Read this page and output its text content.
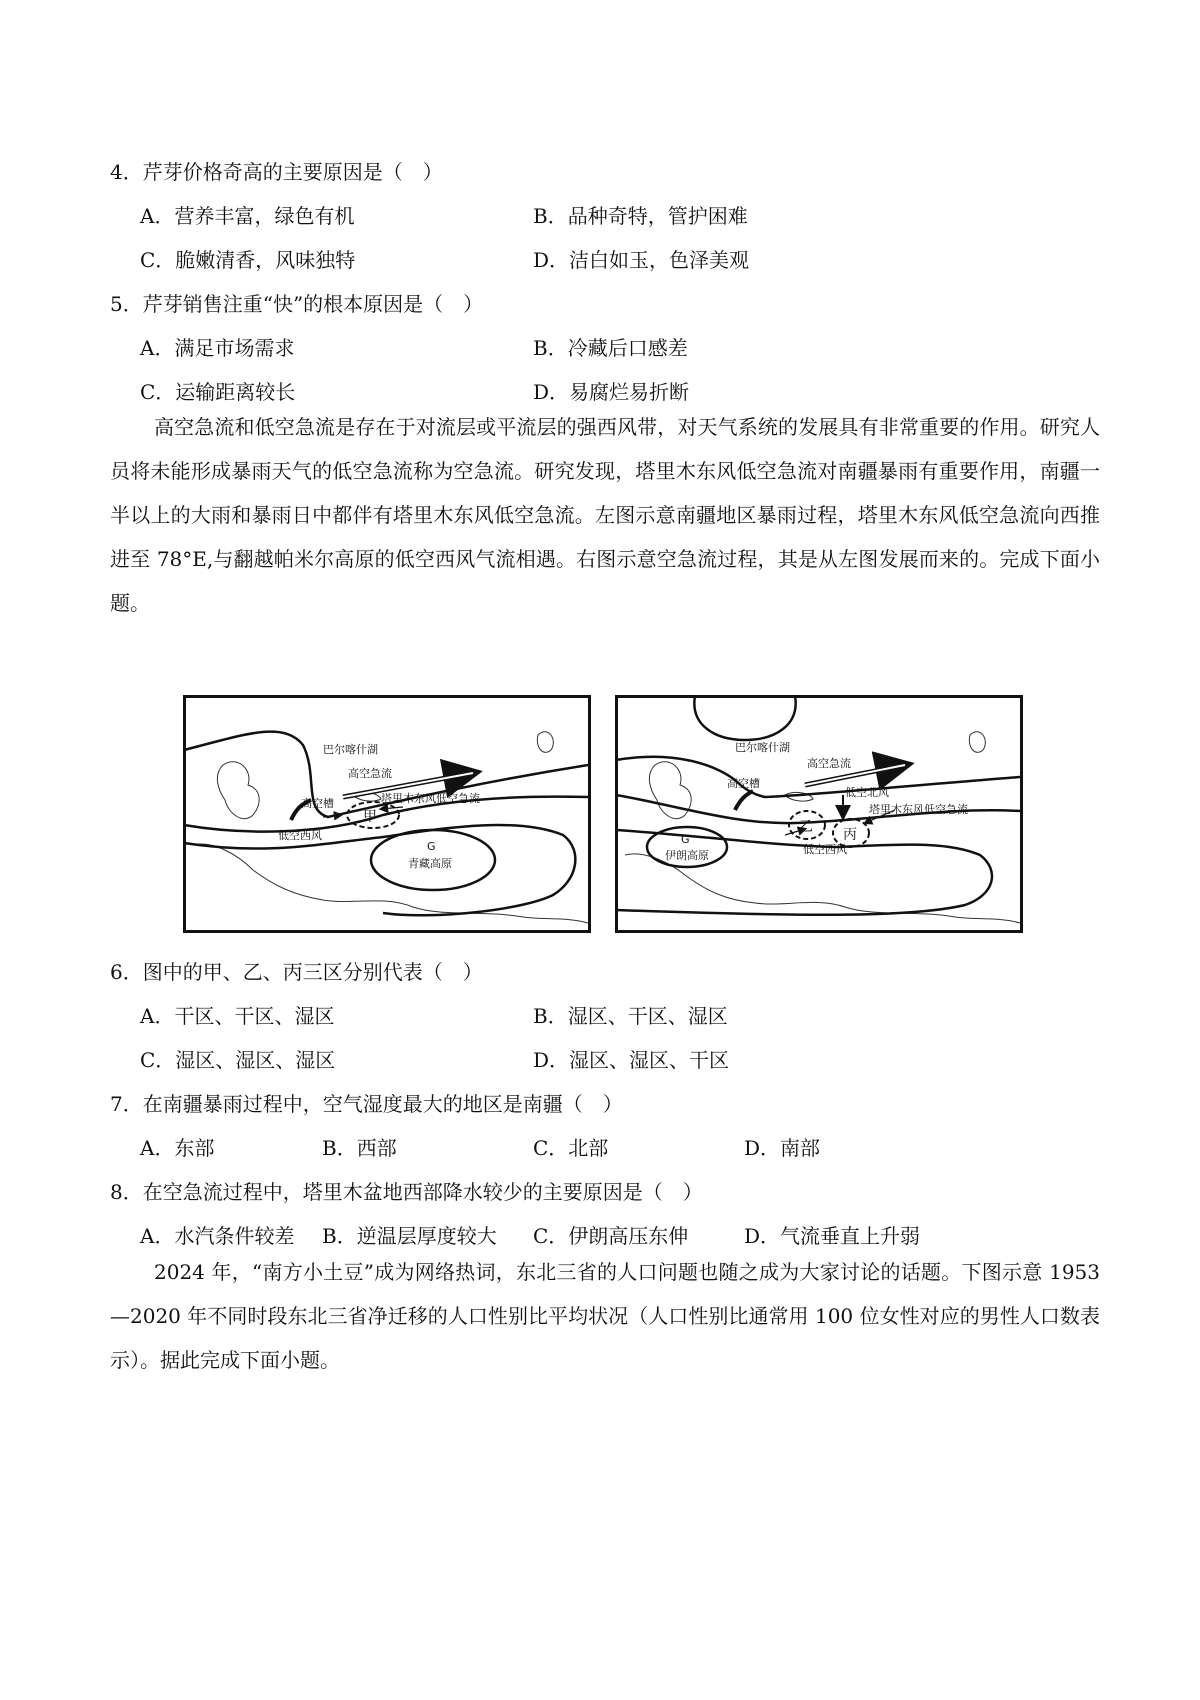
4．芹芽价格奇高的主要原因是（　）
A．营养丰富，绿色有机	B．品种奇特，管护困难
C．脆嫩清香，风味独特	D．洁白如玉，色泽美观
5．芹芽销售注重“快”的根本原因是（　）
A．满足市场需求	B．冷藏后口感差
C．运输距离较长	D．易腐烂易折断

高空急流和低空急流是存在于对流层或平流层的强西风带，对天气系统的发展具有非常重要的作用。研究人员将未能形成暴雨天气的低空急流称为空急流。研究发现，塔里木东风低空急流对南疆暴雨有重要作用，南疆一半以上的大雨和暴雨日中都伴有塔里木东风低空急流。左图示意南疆地区暴雨过程，塔里木东风低空急流向西推进至 78°E,与翻越帕米尔高原的低空西风气流相遇。右图示意空急流过程，其是从左图发展而来的。完成下面小题。

巴尔喀什湖
高空急流
高空槽	塔里木东风低空急流
低空西风
甲
G
青藏高原
巴尔喀什湖
高空急流
高空槽
低空北风
塔里木东风低空急流
低空西风
乙 丙
G
伊朗高原
6．图中的甲、乙、丙三区分别代表（　）
A．干区、干区、湿区	B．湿区、干区、湿区
C．湿区、湿区、湿区	D．湿区、湿区、干区
7．在南疆暴雨过程中，空气湿度最大的地区是南疆（　）
A．东部	B．西部	C．北部	D．南部
8．在空急流过程中，塔里木盆地西部降水较少的主要原因是（　）
A．水汽条件较差 B．逆温层厚度较大 C．伊朗高压东伸	D．气流垂直上升弱

2024 年，“南方小土豆”成为网络热词，东北三省的人口问题也随之成为大家讨论的话题。下图示意 1953—2020 年不同时段东北三省净迁移的人口性别比平均状况（人口性别比通常用 100 位女性对应的男性人口数表示）。据此完成下面小题。
